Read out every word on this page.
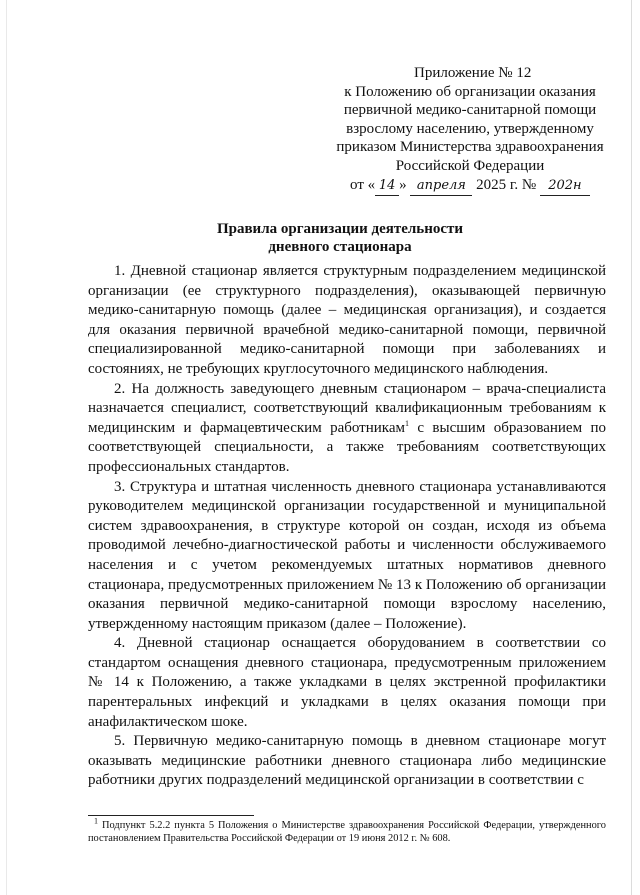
Приложение № 12
к Положению об организации оказания
первичной медико-санитарной помощи
взрослому населению, утвержденному
приказом Министерства здравоохранения
Российской Федерации
от « 14 » апреля 2025 г. № 202н
Правила организации деятельности
дневного стационара

1. Дневной стационар является структурным подразделением медицинской организации (ее структурного подразделения), оказывающей первичную медико-санитарную помощь (далее – медицинская организация), и создается для оказания первичной врачебной медико-санитарной помощи, первичной специализированной медико-санитарной помощи при заболеваниях и состояниях, не требующих круглосуточного медицинского наблюдения.

2. На должность заведующего дневным стационаром – врача-специалиста назначается специалист, соответствующий квалификационным требованиям к медицинским и фармацевтическим работникам$^1$ с высшим образованием по соответствующей специальности, а также требованиям соответствующих профессиональных стандартов.

3. Структура и штатная численность дневного стационара устанавливаются руководителем медицинской организации государственной и муниципальной систем здравоохранения, в структуре которой он создан, исходя из объема проводимой лечебно-диагностической работы и численности обслуживаемого населения и с учетом рекомендуемых штатных нормативов дневного стационара, предусмотренных приложением № 13 к Положению об организации оказания первичной медико-санитарной помощи взрослому населению, утвержденному настоящим приказом (далее – Положение).

4. Дневной стационар оснащается оборудованием в соответствии со стандартом оснащения дневного стационара, предусмотренным приложением № 14 к Положению, а также укладками в целях экстренной профилактики парентеральных инфекций и укладками в целях оказания помощи при анафилактическом шоке.

5. Первичную медико-санитарную помощь в дневном стационаре могут оказывать медицинские работники дневного стационара либо медицинские работники других подразделений медицинской организации в соответствии с

$^1$ Подпункт 5.2.2 пункта 5 Положения о Министерстве здравоохранения Российской Федерации, утвержденного постановлением Правительства Российской Федерации от 19 июня 2012 г. № 608.
